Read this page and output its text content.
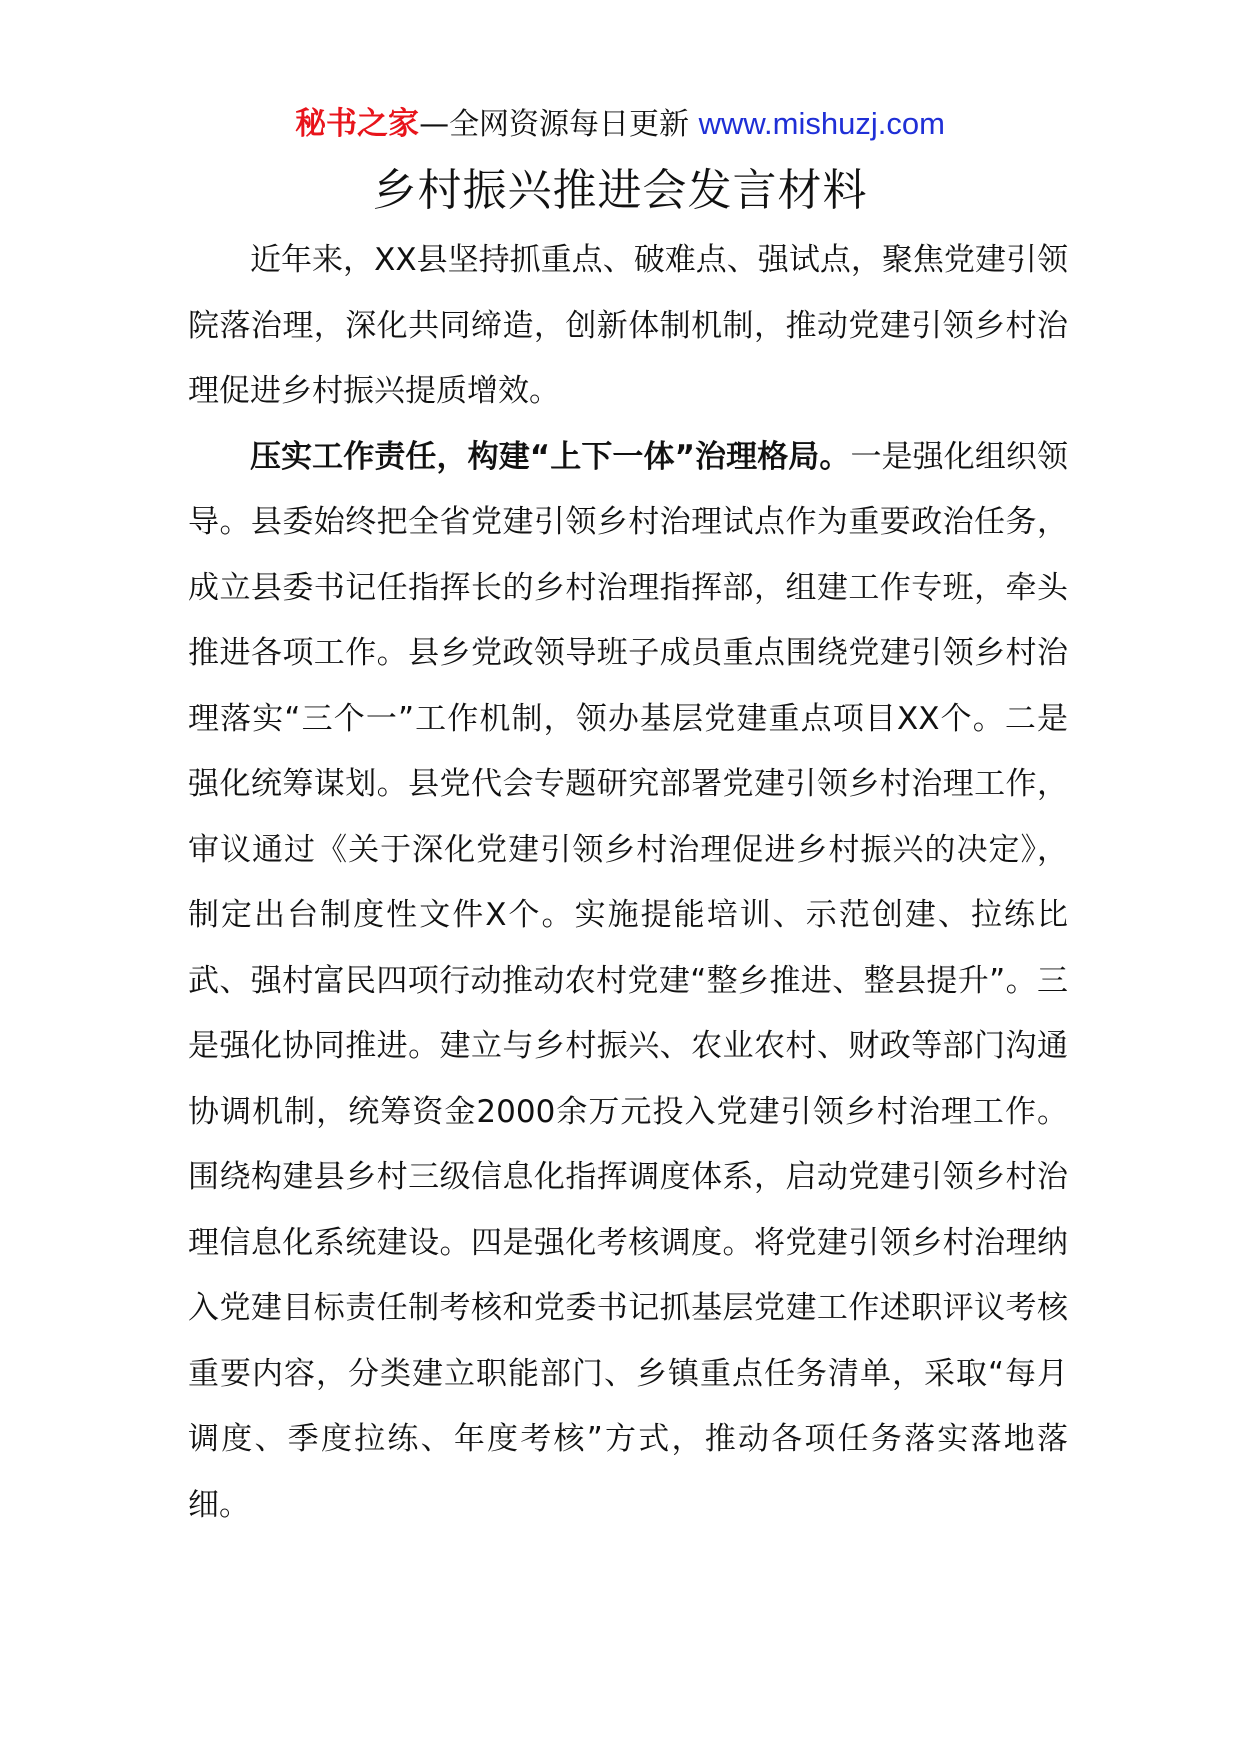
秘书之家—全网资源每日更新 www.mishuzj.com
乡村振兴推进会发言材料

近年来，XX县坚持抓重点、破难点、强试点，聚焦党建引领院落治理，深化共同缔造，创新体制机制，推动党建引领乡村治理促进乡村振兴提质增效。

压实工作责任，构建“上下一体”治理格局。一是强化组织领导。县委始终把全省党建引领乡村治理试点作为重要政治任务，成立县委书记任指挥长的乡村治理指挥部，组建工作专班，牵头推进各项工作。县乡党政领导班子成员重点围绕党建引领乡村治理落实“三个一”工作机制，领办基层党建重点项目XX个。二是强化统筹谋划。县党代会专题研究部署党建引领乡村治理工作，审议通过《关于深化党建引领乡村治理促进乡村振兴的决定》，制定出台制度性文件X个。实施提能培训、示范创建、拉练比武、强村富民四项行动推动农村党建“整乡推进、整县提升”。三是强化协同推进。建立与乡村振兴、农业农村、财政等部门沟通协调机制，统筹资金2000余万元投入党建引领乡村治理工作。围绕构建县乡村三级信息化指挥调度体系，启动党建引领乡村治理信息化系统建设。四是强化考核调度。将党建引领乡村治理纳入党建目标责任制考核和党委书记抓基层党建工作述职评议考核重要内容，分类建立职能部门、乡镇重点任务清单，采取“每月调度、季度拉练、年度考核”方式，推动各项任务落实落地落细。
